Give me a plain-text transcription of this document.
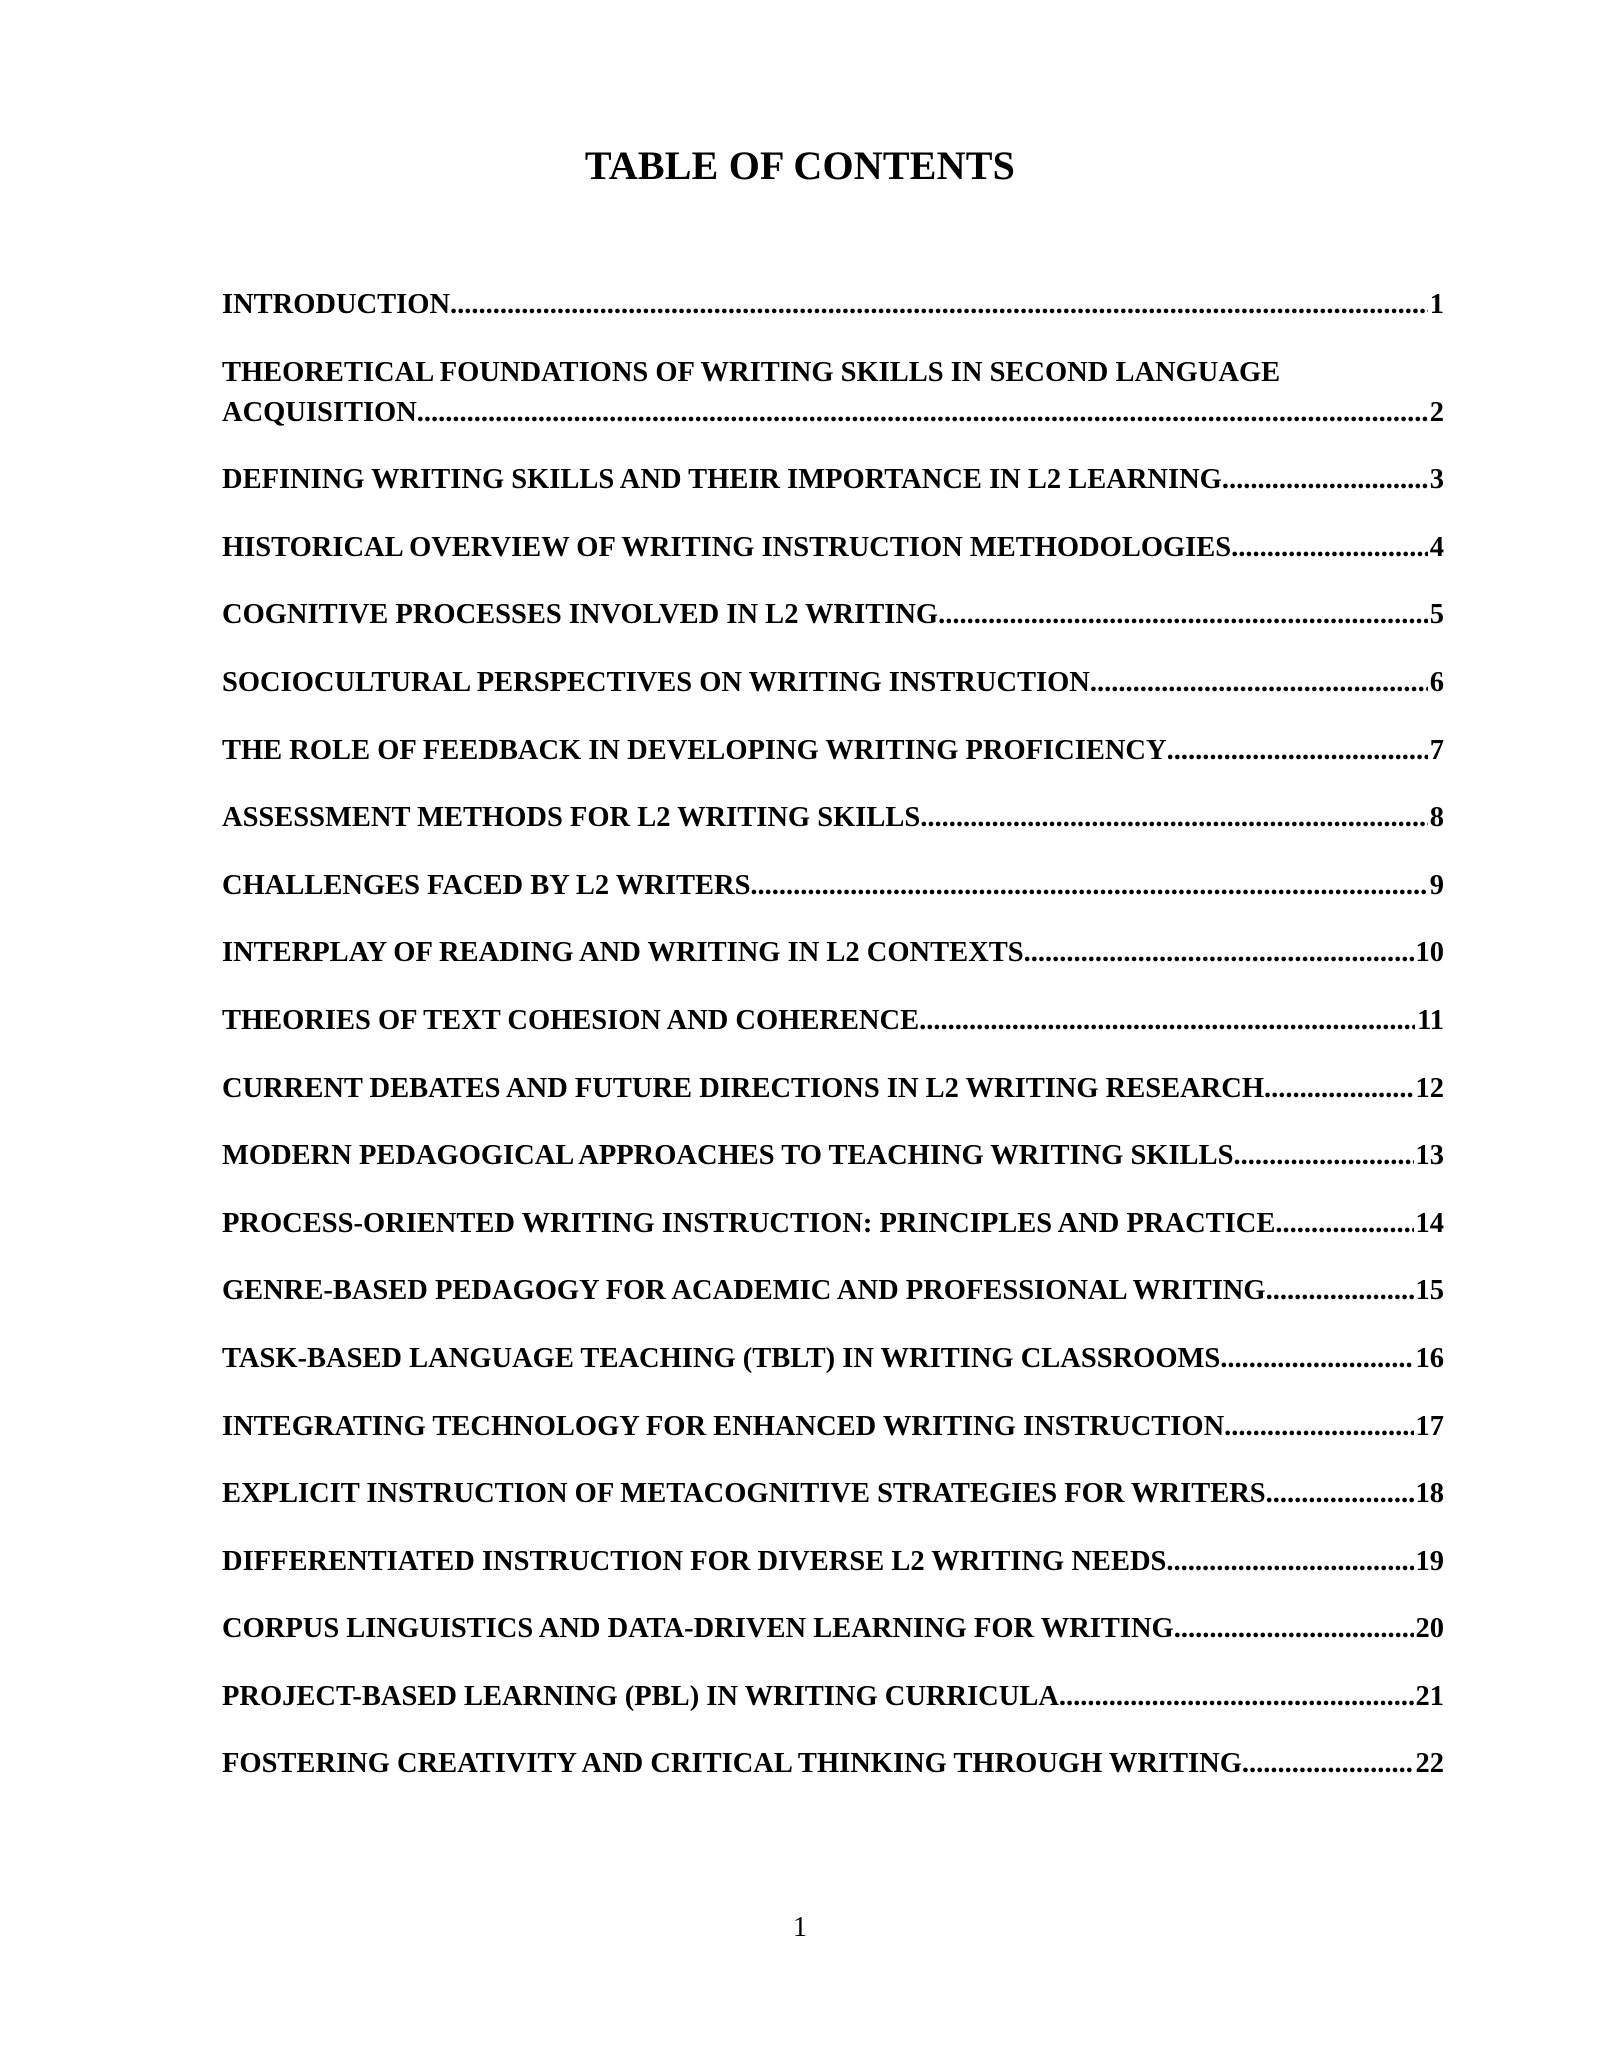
TABLE OF CONTENTS
INTRODUCTION .....	1
THEORETICAL FOUNDATIONS OF WRITING SKILLS IN SECOND LANGUAGE
ACQUISITION .....	2
DEFINING WRITING SKILLS AND THEIR IMPORTANCE IN L2 LEARNING .....	3
HISTORICAL OVERVIEW OF WRITING INSTRUCTION METHODOLOGIES .....	4
COGNITIVE PROCESSES INVOLVED IN L2 WRITING .....	5
SOCIOCULTURAL PERSPECTIVES ON WRITING INSTRUCTION .....	6
THE ROLE OF FEEDBACK IN DEVELOPING WRITING PROFICIENCY .....	7
ASSESSMENT METHODS FOR L2 WRITING SKILLS .....	8
CHALLENGES FACED BY L2 WRITERS .....	9
INTERPLAY OF READING AND WRITING IN L2 CONTEXTS .....	10
THEORIES OF TEXT COHESION AND COHERENCE .....	11
CURRENT DEBATES AND FUTURE DIRECTIONS IN L2 WRITING RESEARCH .....	12
MODERN PEDAGOGICAL APPROACHES TO TEACHING WRITING SKILLS .....	13
PROCESS-ORIENTED WRITING INSTRUCTION: PRINCIPLES AND PRACTICE .....	14
GENRE-BASED PEDAGOGY FOR ACADEMIC AND PROFESSIONAL WRITING .....	15
TASK-BASED LANGUAGE TEACHING (TBLT) IN WRITING CLASSROOMS .....	16
INTEGRATING TECHNOLOGY FOR ENHANCED WRITING INSTRUCTION .....	17
EXPLICIT INSTRUCTION OF METACOGNITIVE STRATEGIES FOR WRITERS .....	18
DIFFERENTIATED INSTRUCTION FOR DIVERSE L2 WRITING NEEDS .....	19
CORPUS LINGUISTICS AND DATA-DRIVEN LEARNING FOR WRITING .....	20
PROJECT-BASED LEARNING (PBL) IN WRITING CURRICULA .....	21
FOSTERING CREATIVITY AND CRITICAL THINKING THROUGH WRITING .....	22
1
